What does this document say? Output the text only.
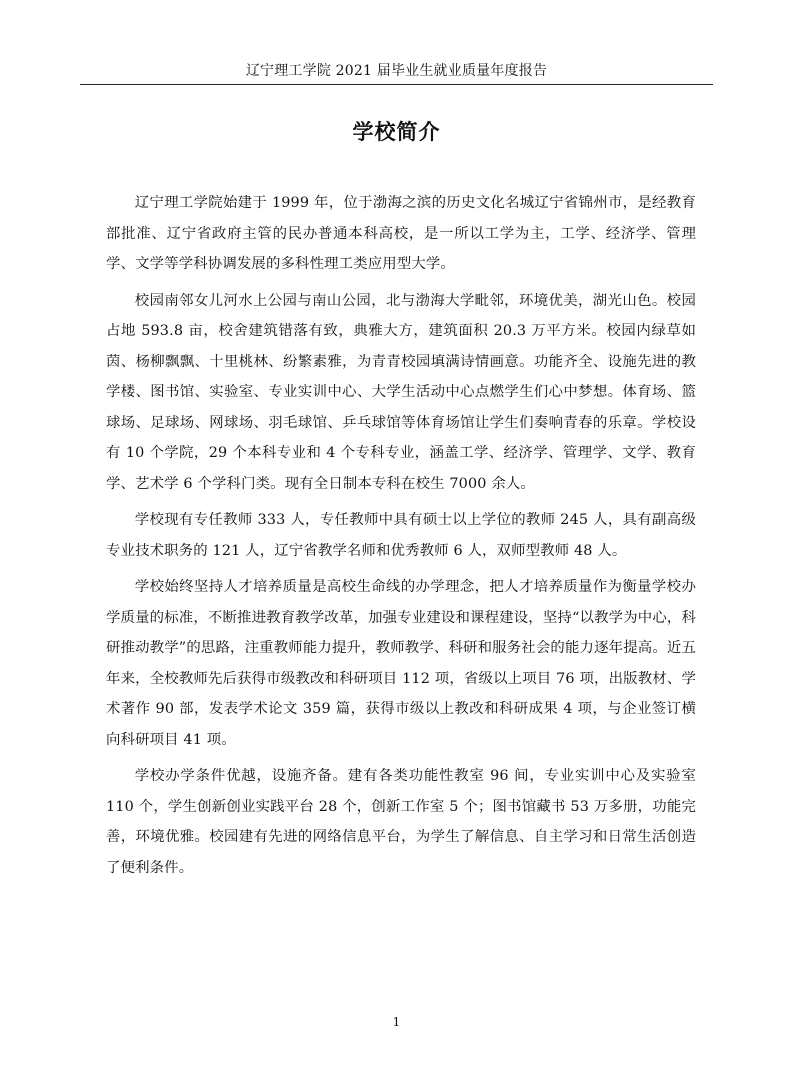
辽宁理工学院 2021 届毕业生就业质量年度报告
学校简介

辽宁理工学院始建于 1999 年，位于渤海之滨的历史文化名城辽宁省锦州市，是经教育部批准、辽宁省政府主管的民办普通本科高校，是一所以工学为主，工学、经济学、管理学、文学等学科协调发展的多科性理工类应用型大学。

校园南邻女儿河水上公园与南山公园，北与渤海大学毗邻，环境优美，湖光山色。校园占地 593.8 亩，校舍建筑错落有致，典雅大方，建筑面积 20.3 万平方米。校园内绿草如茵、杨柳飘飘、十里桃林、纷繁素雅，为青青校园填满诗情画意。功能齐全、设施先进的教学楼、图书馆、实验室、专业实训中心、大学生活动中心点燃学生们心中梦想。体育场、篮球场、足球场、网球场、羽毛球馆、乒乓球馆等体育场馆让学生们奏响青春的乐章。学校设有 10 个学院，29 个本科专业和 4 个专科专业，涵盖工学、经济学、管理学、文学、教育学、艺术学 6 个学科门类。现有全日制本专科在校生 7000 余人。

学校现有专任教师 333 人，专任教师中具有硕士以上学位的教师 245 人，具有副高级专业技术职务的 121 人，辽宁省教学名师和优秀教师 6 人，双师型教师 48 人。

学校始终坚持人才培养质量是高校生命线的办学理念，把人才培养质量作为衡量学校办学质量的标准，不断推进教育教学改革，加强专业建设和课程建设，坚持“以教学为中心，科研推动教学”的思路，注重教师能力提升，教师教学、科研和服务社会的能力逐年提高。近五年来，全校教师先后获得市级教改和科研项目 112 项，省级以上项目 76 项，出版教材、学术著作 90 部，发表学术论文 359 篇，获得市级以上教改和科研成果 4 项，与企业签订横向科研项目 41 项。

学校办学条件优越，设施齐备。建有各类功能性教室 96 间，专业实训中心及实验室 110 个，学生创新创业实践平台 28 个，创新工作室 5 个；图书馆藏书 53 万多册，功能完善，环境优雅。校园建有先进的网络信息平台，为学生了解信息、自主学习和日常生活创造了便利条件。

1
